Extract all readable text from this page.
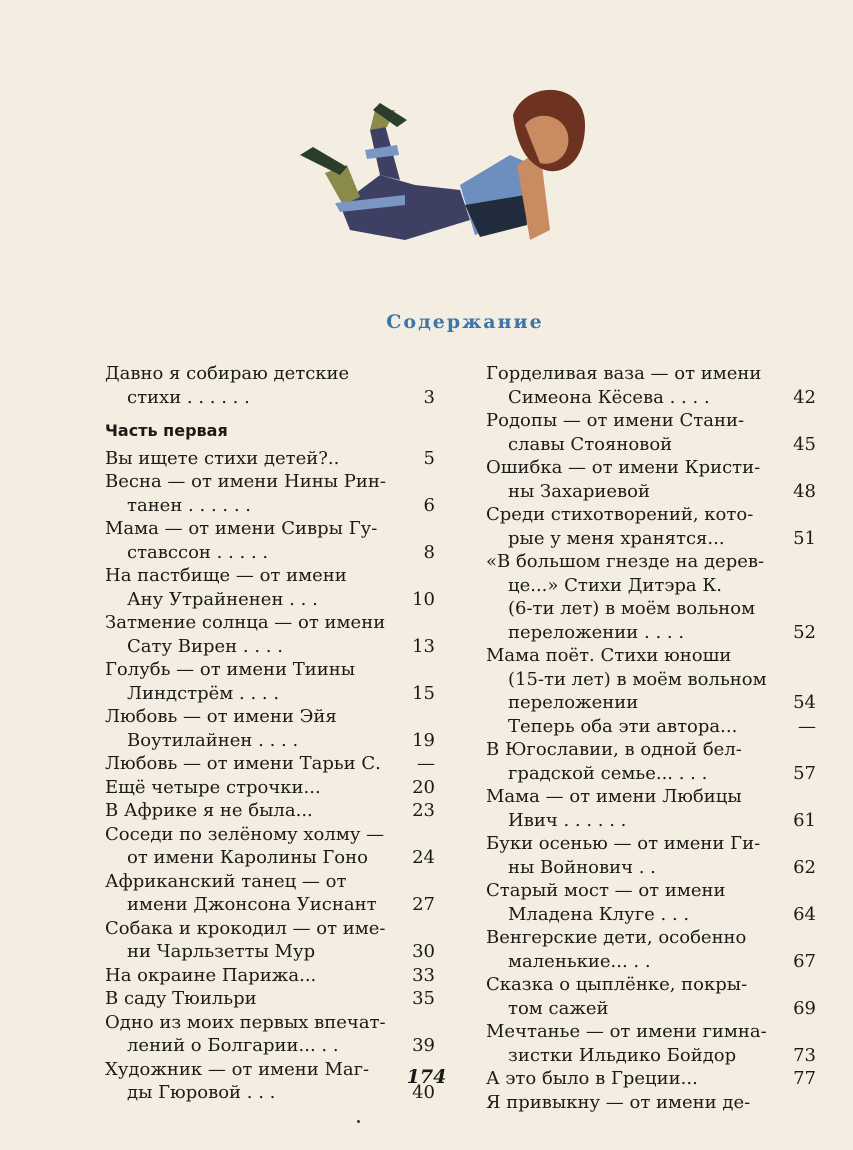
Содержание
Давно я собираю детские
стихи . . . . . .	3
Часть первая
Вы ищете стихи детей?..	5
Весна — от имени Нины Рин-
танен . . . . . .	6
Мама — от имени Сивры Гу-
ставссон . . . . .	8
На пастбище — от имени
Ану Утрайненен . . .	10
Затмение солнца — от имени
Сату Вирен . . . .	13
Голубь — от имени Тиины
Линдстрём . . . .	15
Любовь — от имени Эйя
Воутилайнен . . . .	19
Любовь — от имени Тарьи С.	—
Ещё четыре строчки...	20
В Африке я не была...	23
Соседи по зелёному холму —
от имени Каролины Гоно	24
Африканский танец — от
имени Джонсона Уиснант	27
Собака и крокодил — от име-
ни Чарльзетты Мур	30
На окраине Парижа...	33
В саду Тюильри	35
Одно из моих первых впечат-
лений о Болгарии... . .	39
Художник — от имени Маг-
ды Гюровой . . .	40
Горделивая ваза — от имени
Симеона Кёсева . . . .	42
Родопы — от имени Стани-
славы Стояновой	45
Ошибка — от имени Кристи-
ны Захариевой	48
Среди стихотворений, кото-
рые у меня хранятся...	51
«В большом гнезде на дерев-
це...» Стихи Дитэра К.
(6-ти лет) в моём вольном
переложении . . . .	52
Мама поёт. Стихи юноши
(15-ти лет) в моём вольном
переложении	54
Теперь оба эти автора...	—
В Югославии, в одной бел-
градской семье... . . .	57
Мама — от имени Любицы
Ивич . . . . . .	61
Буки осенью — от имени Ги-
ны Войнович . .	62
Старый мост — от имени
Младена Клуге . . .	64
Венгерские дети, особенно
маленькие... . .	67
Сказка о цыплёнке, покры-
том сажей	69
Мечтанье — от имени гимна-
зистки Ильдико Бойдор	73
А это было в Греции...	77
Я привыкну — от имени де-
174
